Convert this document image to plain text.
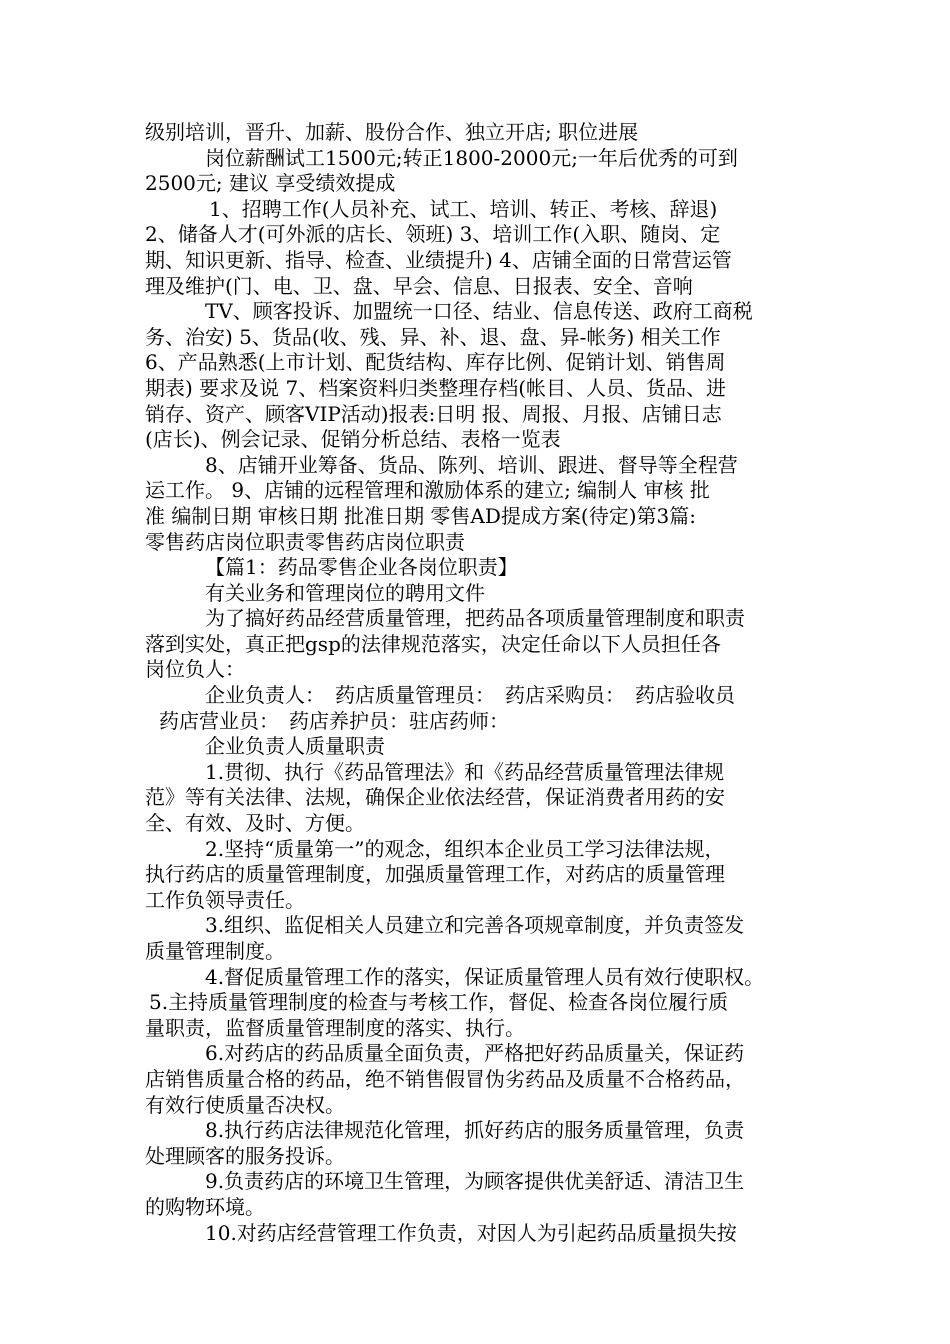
级别培训，晋升、加薪、股份合作、独立开店; 职位进展
岗位薪酬试工1500元;转正1800-2000元;一年后优秀的可到
2500元; 建议 享受绩效提成
1、招聘工作(人员补充、试工、培训、转正、考核、辞退)
2、储备人才(可外派的店长、领班) 3、培训工作(入职、随岗、定
期、知识更新、指导、检查、业绩提升) 4、店铺全面的日常营运管
理及维护(门、电、卫、盘、早会、信息、日报表、安全、音响
TV、顾客投诉、加盟统一口径、结业、信息传送、政府工商税
务、治安) 5、货品(收、残、异、补、退、盘、异-帐务) 相关工作
6、产品熟悉(上市计划、配货结构、库存比例、促销计划、销售周
期表) 要求及说 7、档案资料归类整理存档(帐目、人员、货品、进
销存、资产、顾客VIP活动)报表:日明 报、周报、月报、店铺日志
(店长)、例会记录、促销分析总结、表格一览表
8、店铺开业筹备、货品、陈列、培训、跟进、督导等全程营
运工作。 9、店铺的远程管理和激励体系的建立; 编制人 审核 批
准 编制日期 审核日期 批准日期 零售AD提成方案(待定)第3篇:
零售药店岗位职责零售药店岗位职责
【篇1：药品零售企业各岗位职责】
有关业务和管理岗位的聘用文件
为了搞好药品经营质量管理，把药品各项质量管理制度和职责
落到实处，真正把gsp的法律规范落实，决定任命以下人员担任各
岗位负人：
企业负责人：　药店质量管理员：　药店采购员：　药店验收员
药店营业员：　药店养护员：驻店药师：
企业负责人质量职责
1.贯彻、执行《药品管理法》和《药品经营质量管理法律规
范》等有关法律、法规，确保企业依法经营，保证消费者用药的安
全、有效、及时、方便。
2.坚持“质量第一”的观念，组织本企业员工学习法律法规，
执行药店的质量管理制度，加强质量管理工作，对药店的质量管理
工作负领导责任。
3.组织、监促相关人员建立和完善各项规章制度，并负责签发
质量管理制度。
4.督促质量管理工作的落实，保证质量管理人员有效行使职权。
5.主持质量管理制度的检查与考核工作，督促、检查各岗位履行质
量职责，监督质量管理制度的落实、执行。
6.对药店的药品质量全面负责，严格把好药品质量关，保证药
店销售质量合格的药品，绝不销售假冒伪劣药品及质量不合格药品，
有效行使质量否决权。
8.执行药店法律规范化管理，抓好药店的服务质量管理，负责
处理顾客的服务投诉。
9.负责药店的环境卫生管理，为顾客提供优美舒适、清洁卫生
的购物环境。
10.对药店经营管理工作负责，对因人为引起药品质量损失按
